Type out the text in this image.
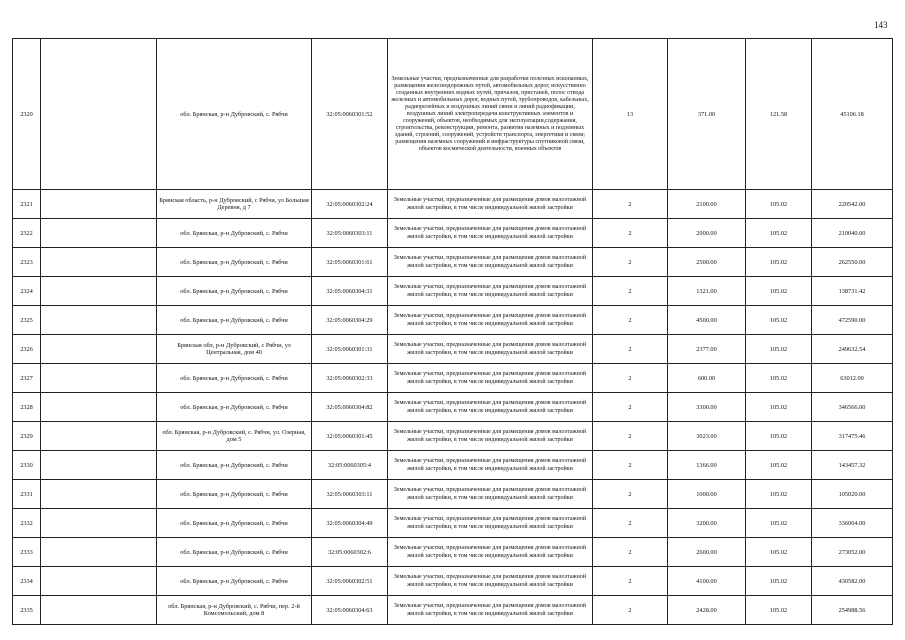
143
2320		обл. Брянская, р-н Дубровский, с. Рябчи	32:05:0060301:52	Земельные участки, предназначенные для разработки полезных ископаемых, размещения железнодорожных путей, автомобильных дорог, искусственно созданных внутренних водных путей, причалов, пристаней, полос отвода железных и автомобильных дорог, водных путей, трубопроводов, кабельных, радиорелейных и воздушных линий связи и линий радиофикации, воздушных линий электропередачи конструктивных элементов и сооружений, объектов, необходимых для эксплуатации,содержания, строительства, реконструкции, ремонта, развития наземных и подземных зданий, строений, сооружений, устройств транспорта, энергетики и связи; размещения наземных сооружений и инфраструктуры спутниковой связи, объектов космической деятельности, военных объектов	13	371.00	121.58	45106.18
2321		Брянская область, р-н Дубровский, с Рябчи, ул Большая Деревня, д 7	32:05:0060302:24	Земельные участки, предназначенные для размещения домов малоэтажной жилой застройки, в том числе индивидуальной жилой застройки	2	2100.00	105.02	220542.00
2322		обл. Брянская, р-н Дубровский, с. Рябчи	32:05:0060303:11	Земельные участки, предназначенные для размещения домов малоэтажной жилой застройки, в том числе индивидуальной жилой застройки	2	2000.00	105.02	210040.00
2323		обл. Брянская, р-н Дубровский, с. Рябчи	32:05:0060301:61	Земельные участки, предназначенные для размещения домов малоэтажной жилой застройки, в том числе индивидуальной жилой застройки	2	2500.00	105.02	262550.00
2324		обл. Брянская, р-н Дубровский, с. Рябчи	32:05:0060304:31	Земельные участки, предназначенные для размещения домов малоэтажной жилой застройки, в том числе индивидуальной жилой застройки	2	1321.00	105.02	138731.42
2325		обл. Брянская, р-н Дубровский, с. Рябчи	32:05:0060304:29	Земельные участки, предназначенные для размещения домов малоэтажной жилой застройки, в том числе индивидуальной жилой застройки	2	4500.00	105.02	472590.00
2326		Брянская обл, р-н Дубровский, с Рябчи, ул Центральная, дом 40	32:05:0060301:31	Земельные участки, предназначенные для размещения домов малоэтажной жилой застройки, в том числе индивидуальной жилой застройки	2	2377.00	105.02	249632.54
2327		обл. Брянская, р-н Дубровский, с. Рябчи	32:05:0060302:33	Земельные участки, предназначенные для размещения домов малоэтажной жилой застройки, в том числе индивидуальной жилой застройки	2	600.00	105.02	63012.00
2328		обл. Брянская, р-н Дубровский, с. Рябчи	32:05:0060304:82	Земельные участки, предназначенные для размещения домов малоэтажной жилой застройки, в том числе индивидуальной жилой застройки	2	3300.00	105.02	346566.00
2329		обл. Брянская, р-н Дубровский, с. Рябчи, ул. Озерная, дом 5	32:05:0060301:45	Земельные участки, предназначенные для размещения домов малоэтажной жилой застройки, в том числе индивидуальной жилой застройки	2	3023.00	105.02	317475.46
2330		обл. Брянская, р-н Дубровский, с. Рябчи	32:05:0060305:4	Земельные участки, предназначенные для размещения домов малоэтажной жилой застройки, в том числе индивидуальной жилой застройки	2	1366.00	105.02	143457.32
2331		обл. Брянская, р-н Дубровский, с. Рябчи	32:05:0060303:11	Земельные участки, предназначенные для размещения домов малоэтажной жилой застройки, в том числе индивидуальной жилой застройки	2	1000.00	105.02	105020.00
2332		обл. Брянская, р-н Дубровский, с. Рябчи	32:05:0060304:49	Земельные участки, предназначенные для размещения домов малоэтажной жилой застройки, в том числе индивидуальной жилой застройки	2	3200.00	105.02	336064.00
2333		обл. Брянская, р-н Дубровский, с. Рябчи	32:05:0060302:6	Земельные участки, предназначенные для размещения домов малоэтажной жилой застройки, в том числе индивидуальной жилой застройки	2	2600.00	105.02	273052.00
2334		обл. Брянская, р-н Дубровский, с. Рябчи	32:05:0060302:51	Земельные участки, предназначенные для размещения домов малоэтажной жилой застройки, в том числе индивидуальной жилой застройки	2	4100.00	105.02	430582.00
2335		обл. Брянская, р-н Дубровский, с. Рябчи, пер. 2-й Комсомольский, дом 8	32:05:0060304:63	Земельные участки, предназначенные для размещения домов малоэтажной жилой застройки, в том числе индивидуальной жилой застройки	2	2428.00	105.02	254988.56
